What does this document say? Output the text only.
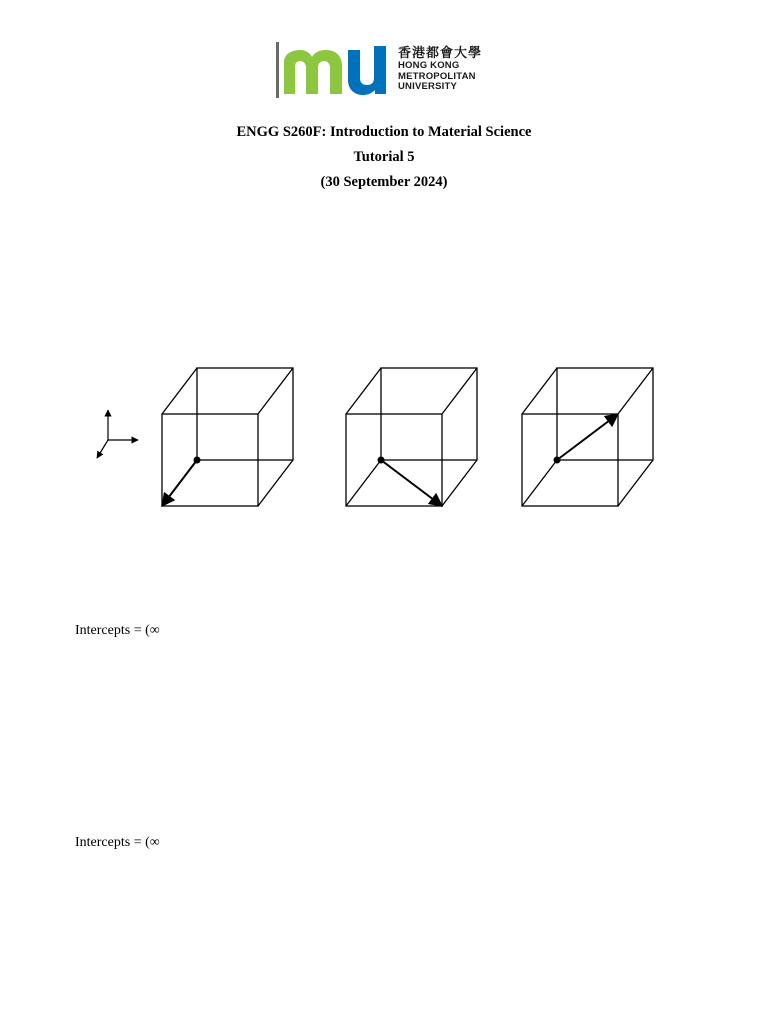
香港都會大學
HONG KONG
METROPOLITAN
UNIVERSITY
ENGG S260F: Introduction to Material Science
Tutorial 5
(30 September 2024)
Intercepts = (∞
Intercepts = (∞
